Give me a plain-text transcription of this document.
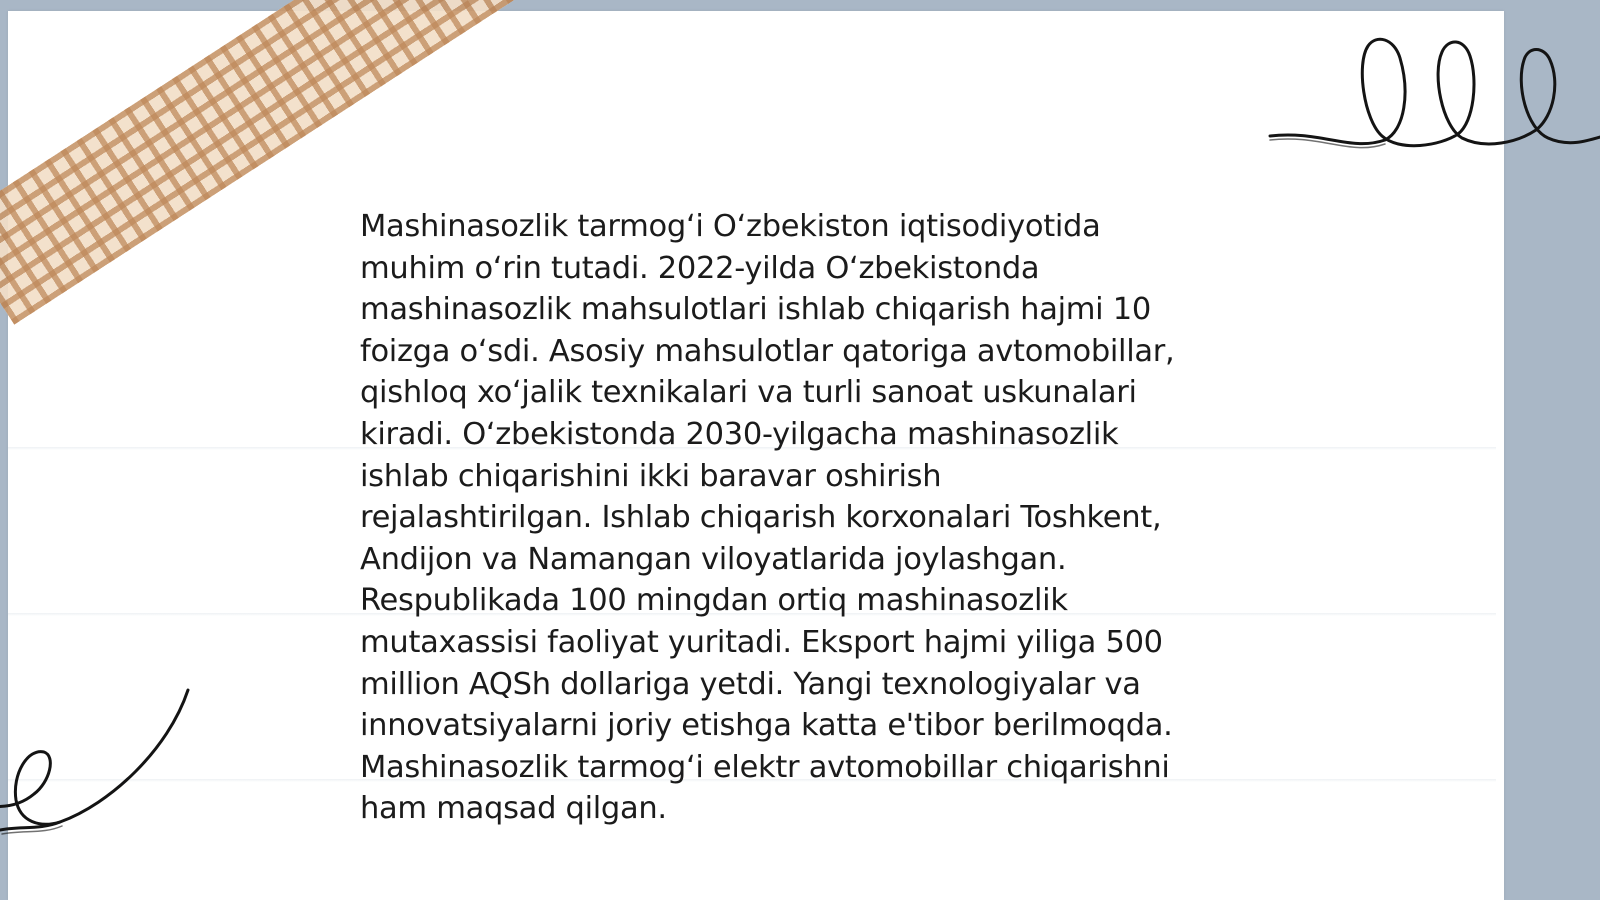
Mashinasozlik tarmog‘i O‘zbekiston iqtisodiyotida
muhim o‘rin tutadi. 2022-yilda O‘zbekistonda
mashinasozlik mahsulotlari ishlab chiqarish hajmi 10
foizga o‘sdi. Asosiy mahsulotlar qatoriga avtomobillar,
qishloq xo‘jalik texnikalari va turli sanoat uskunalari
kiradi. O‘zbekistonda 2030-yilgacha mashinasozlik
ishlab chiqarishini ikki baravar oshirish
rejalashtirilgan. Ishlab chiqarish korxonalari Toshkent,
Andijon va Namangan viloyatlarida joylashgan.
Respublikada 100 mingdan ortiq mashinasozlik
mutaxassisi faoliyat yuritadi. Eksport hajmi yiliga 500
million AQSh dollariga yetdi. Yangi texnologiyalar va
innovatsiyalarni joriy etishga katta e'tibor berilmoqda.
Mashinasozlik tarmog‘i elektr avtomobillar chiqarishni
ham maqsad qilgan.
